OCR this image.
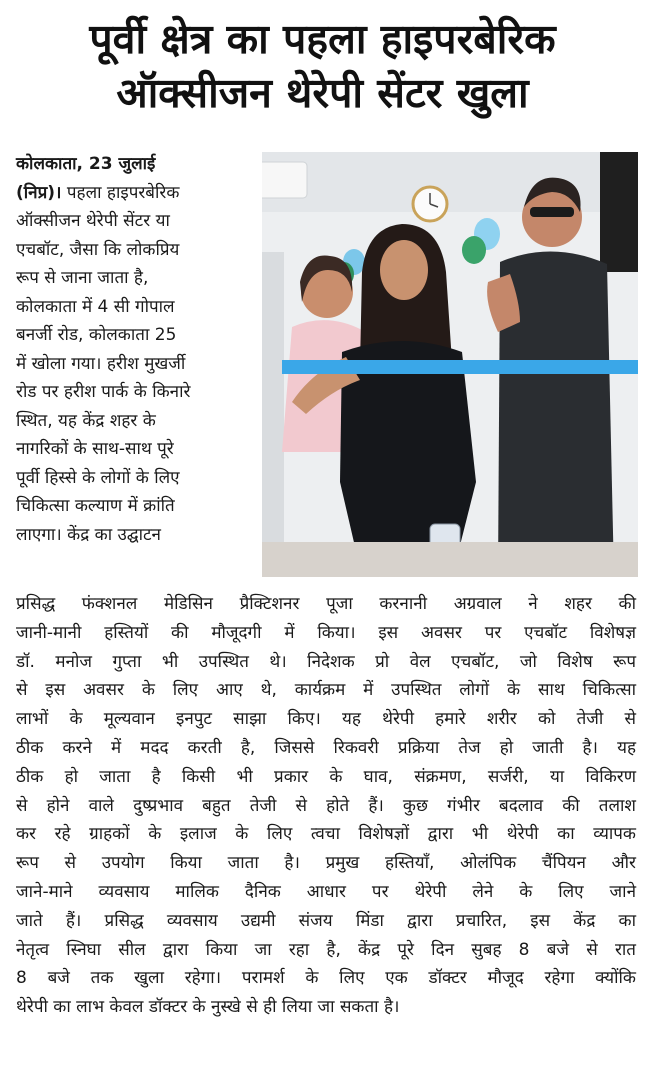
पूर्वी क्षेत्र का पहला हाइपरबेरिक
ऑक्सीजन थेरेपी सेंटर खुला
कोलकाता, 23 जुलाई
(निप्र)। पहला हाइपरबेरिक
ऑक्सीजन थेरेपी सेंटर या
एचबॉट, जैसा कि लोकप्रिय
रूप से जाना जाता है,
कोलकाता में 4 सी गोपाल
बनर्जी रोड, कोलकाता 25
में खोला गया। हरीश मुखर्जी
रोड पर हरीश पार्क के किनारे
स्थित, यह केंद्र शहर के
नागरिकों के साथ-साथ पूरे
पूर्वी हिस्से के लोगों के लिए
चिकित्सा कल्याण में क्रांति
लाएगा। केंद्र का उद्घाटन
प्रसिद्ध फंक्शनल मेडिसिन प्रैक्टिशनर पूजा करनानी अग्रवाल ने शहर की
जानी-मानी हस्तियों की मौजूदगी में किया। इस अवसर पर एचबॉट विशेषज्ञ
डॉ. मनोज गुप्ता भी उपस्थित थे। निदेशक प्रो वेल एचबॉट, जो विशेष रूप
से इस अवसर के लिए आए थे, कार्यक्रम में उपस्थित लोगों के साथ चिकित्सा
लाभों के मूल्यवान इनपुट साझा किए। यह थेरेपी हमारे शरीर को तेजी से
ठीक करने में मदद करती है, जिससे रिकवरी प्रक्रिया तेज हो जाती है। यह
ठीक हो जाता है किसी भी प्रकार के घाव, संक्रमण, सर्जरी, या विकिरण
से होने वाले दुष्प्रभाव बहुत तेजी से होते हैं। कुछ गंभीर बदलाव की तलाश
कर रहे ग्राहकों के इलाज के लिए त्वचा विशेषज्ञों द्वारा भी थेरेपी का व्यापक
रूप से उपयोग किया जाता है। प्रमुख हस्तियाँ, ओलंपिक चैंपियन और
जाने-माने व्यवसाय मालिक दैनिक आधार पर थेरेपी लेने के लिए जाने
जाते हैं। प्रसिद्ध व्यवसाय उद्यमी संजय मिंडा द्वारा प्रचारित, इस केंद्र का
नेतृत्व स्निघा सील द्वारा किया जा रहा है, केंद्र पूरे दिन सुबह 8 बजे से रात
8 बजे तक खुला रहेगा। परामर्श के लिए एक डॉक्टर मौजूद रहेगा क्योंकि
थेरेपी का लाभ केवल डॉक्टर के नुस्खे से ही लिया जा सकता है।
